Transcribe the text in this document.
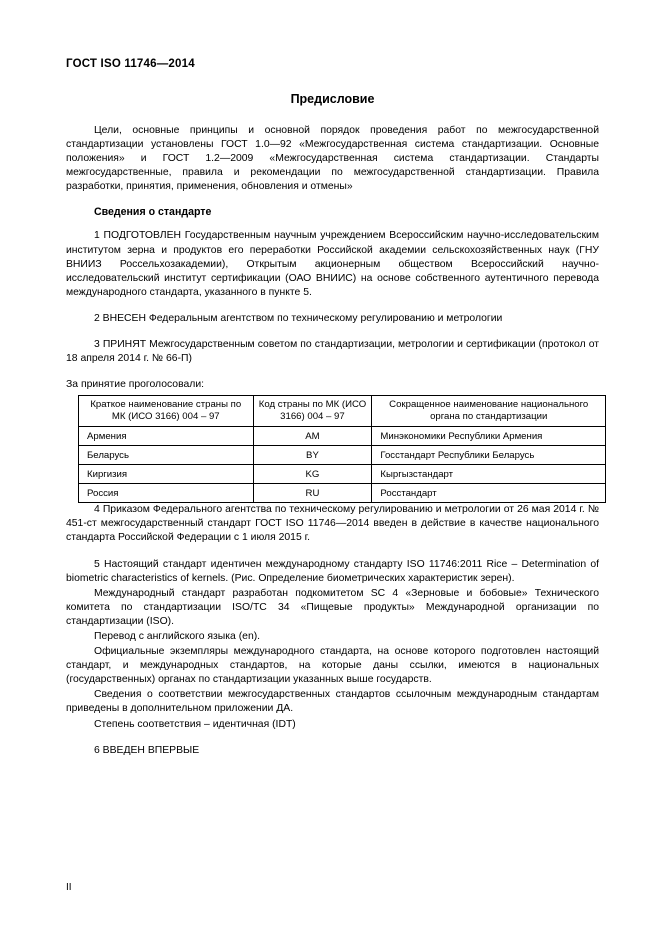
ГОСТ ISO 11746—2014
Предисловие

Цели, основные принципы и основной порядок проведения работ по межгосударственной стандартизации установлены ГОСТ 1.0—92 «Межгосударственная система стандартизации. Основные положения» и ГОСТ 1.2—2009 «Межгосударственная система стандартизации. Стандарты межгосударственные, правила и рекомендации по межгосударственной стандартизации. Правила разработки, принятия, применения, обновления и отмены»

Сведения о стандарте

1 ПОДГОТОВЛЕН Государственным научным учреждением Всероссийским научно-исследовательским институтом зерна и продуктов его переработки Российской академии сельскохозяйственных наук (ГНУ ВНИИЗ Россельхозакадемии), Открытым акционерным обществом Всероссийский научно-исследовательский институт сертификации (ОАО ВНИИС) на основе собственного аутентичного перевода международного стандарта, указанного в пункте 5.

2 ВНЕСЕН Федеральным агентством по техническому регулированию и метрологии

3 ПРИНЯТ Межгосударственным советом по стандартизации, метрологии и сертификации (протокол от 18 апреля 2014 г. № 66-П)

За принятие проголосовали:
Краткое наименование страны по МК (ИСО 3166) 004 – 97	Код страны по МК (ИСО 3166) 004 – 97	Сокращенное наименование национального органа по стандартизации
Армения	AM	Минэкономики Республики Армения
Беларусь	BY	Госстандарт Республики Беларусь
Киргизия	KG	Кыргызстандарт
Россия	RU	Росстандарт

4 Приказом Федерального агентства по техническому регулированию и метрологии от 26 мая 2014 г. № 451-ст межгосударственный стандарт ГОСТ ISO 11746—2014 введен в действие в качестве национального стандарта Российской Федерации с 1 июля 2015 г.

5 Настоящий стандарт идентичен международному стандарту ISO 11746:2011 Rice – Determination of biometric characteristics of kernels. (Рис. Определение биометрических характеристик зерен).

Международный стандарт разработан подкомитетом SC 4 «Зерновые и бобовые» Технического комитета по стандартизации ISO/ТС 34 «Пищевые продукты» Международной организации по стандартизации (ISO).

Перевод с английского языка (en).

Официальные экземпляры международного стандарта, на основе которого подготовлен настоящий стандарт, и международных стандартов, на которые даны ссылки, имеются в национальных (государственных) органах по стандартизации указанных выше государств.

Сведения о соответствии межгосударственных стандартов ссылочным международным стандартам приведены в дополнительном приложении ДА.

Степень соответствия – идентичная (IDT)

6 ВВЕДЕН ВПЕРВЫЕ

II
